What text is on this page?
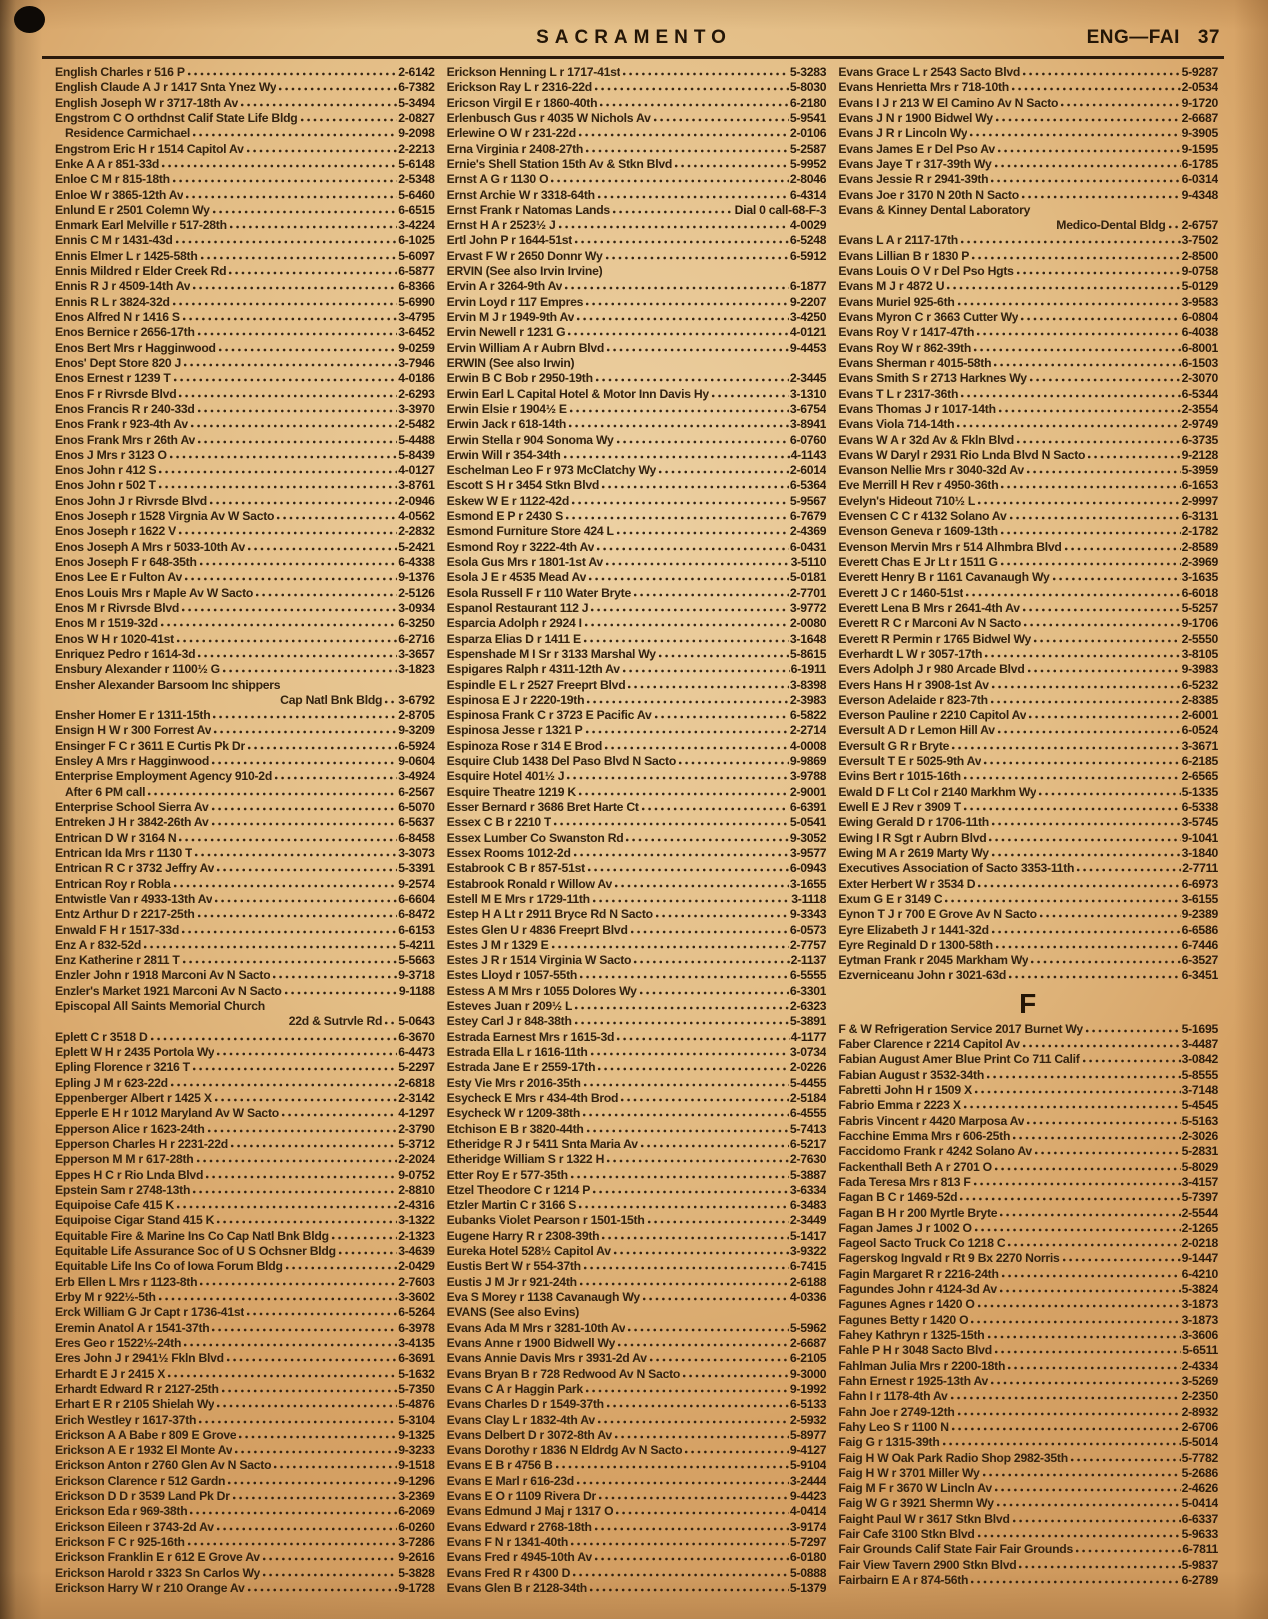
SACRAMENTO	ENG—FAI 37
English Charles r 516 P	2-6142
English Claude A J r 1417 Snta Ynez Wy	6-7382
English Joseph W r 3717-18th Av	5-3494
Engstrom C O orthdnst Calif State Life Bldg	2-0827
Residence Carmichael	9-2098
Engstrom Eric H r 1514 Capitol Av	2-2213
Enke A A r 851-33d	5-6148
Enloe C M r 815-18th	2-5348
Enloe W r 3865-12th Av	5-6460
Enlund E r 2501 Colemn Wy	6-6515
Enmark Earl Melville r 517-28th	3-4224
Ennis C M r 1431-43d	6-1025
Ennis Elmer L r 1425-58th	5-6097
Ennis Mildred r Elder Creek Rd	6-5877
Ennis R J r 4509-14th Av	6-8366
Ennis R L r 3824-32d	5-6990
Enos Alfred N r 1416 S	3-4795
Enos Bernice r 2656-17th	3-6452
Enos Bert Mrs r Hagginwood	9-0259
Enos' Dept Store 820 J	3-7946
Enos Ernest r 1239 T	4-0186
Enos F r Rivrsde Blvd	2-6293
Enos Francis R r 240-33d	3-3970
Enos Frank r 923-4th Av	2-5482
Enos Frank Mrs r 26th Av	5-4488
Enos J Mrs r 3123 O	5-8439
Enos John r 412 S	4-0127
Enos John r 502 T	3-8761
Enos John J r Rivrsde Blvd	2-0946
Enos Joseph r 1528 Virgnia Av W Sacto	4-0562
Enos Joseph r 1622 V	2-2832
Enos Joseph A Mrs r 5033-10th Av	5-2421
Enos Joseph F r 648-35th	6-4338
Enos Lee E r Fulton Av	9-1376
Enos Louis Mrs r Maple Av W Sacto	2-5126
Enos M r Rivrsde Blvd	3-0934
Enos M r 1519-32d	6-3250
Enos W H r 1020-41st	6-2716
Enriquez Pedro r 1614-3d	3-3657
Ensbury Alexander r 1100½ G	3-1823
Ensher Alexander Barsoom Inc shippers
Cap Natl Bnk Bldg 3-6792
Ensher Homer E r 1311-15th	2-8705
Ensign H W r 300 Forrest Av	9-3209
Ensinger F C r 3611 E Curtis Pk Dr	6-5924
Ensley A Mrs r Hagginwood	9-0604
Enterprise Employment Agency 910-2d	3-4924
After 6 PM call	6-2567
Enterprise School Sierra Av	6-5070
Entreken J H r 3842-26th Av	6-5637
Entrican D W r 3164 N	6-8458
Entrican Ida Mrs r 1130 T	3-3073
Entrican R C r 3732 Jeffry Av	5-3391
Entrican Roy r Robla	9-2574
Entwistle Van r 4933-13th Av	6-6604
Entz Arthur D r 2217-25th	6-8472
Enwald F H r 1517-33d	6-6153
Enz A r 832-52d	5-4211
Enz Katherine r 2811 T	5-5663
Enzler John r 1918 Marconi Av N Sacto	9-3718
Enzler's Market 1921 Marconi Av N Sacto	9-1188
Episcopal All Saints Memorial Church
22d & Sutrvle Rd 5-0643
Eplett C r 3518 D	6-3670
Eplett W H r 2435 Portola Wy	6-4473
Epling Florence r 3216 T	5-2297
Epling J M r 623-22d	2-6818
Eppenberger Albert r 1425 X	2-3142
Epperle E H r 1012 Maryland Av W Sacto	4-1297
Epperson Alice r 1623-24th	2-3790
Epperson Charles H r 2231-22d	5-3712
Epperson M M r 617-28th	2-2024
Eppes H C r Rio Lnda Blvd	9-0752
Epstein Sam r 2748-13th	2-8810
Equipoise Cafe 415 K	2-4316
Equipoise Cigar Stand 415 K	3-1322
Equitable Fire & Marine Ins Co Cap Natl Bnk Bldg	2-1323
Equitable Life Assurance Soc of U S Ochsner Bldg	3-4639
Equitable Life Ins Co of Iowa Forum Bldg	2-0429
Erb Ellen L Mrs r 1123-8th	2-7603
Erby M r 922½-5th	3-3602
Erck William G Jr Capt r 1736-41st	6-5264
Eremin Anatol A r 1541-37th	6-3978
Eres Geo r 1522½-24th	3-4135
Eres John J r 2941½ Fkln Blvd	6-3691
Erhardt E J r 2415 X	5-1632
Erhardt Edward R r 2127-25th	5-7350
Erhart E R r 2105 Shielah Wy	5-4876
Erich Westley r 1617-37th	5-3104
Erickson A A Babe r 809 E Grove	9-1325
Erickson A E r 1932 El Monte Av	9-3233
Erickson Anton r 2760 Glen Av N Sacto	9-1518
Erickson Clarence r 512 Gardn	9-1296
Erickson D D r 3539 Land Pk Dr	3-2369
Erickson Eda r 969-38th	6-2069
Erickson Eileen r 3743-2d Av	6-0260
Erickson F C r 925-16th	3-7286
Erickson Franklin E r 612 E Grove Av	9-2616
Erickson Harold r 3323 Sn Carlos Wy	5-3828
Erickson Harry W r 210 Orange Av	9-1728
Erickson Henning L r 1717-41st	5-3283
Erickson Ray L r 2316-22d	5-8030
Ericson Virgil E r 1860-40th	6-2180
Erlenbusch Gus r 4035 W Nichols Av	5-9541
Erlewine O W r 231-22d	2-0106
Erna Virginia r 2408-27th	5-2587
Ernie's Shell Station 15th Av & Stkn Blvd	5-9952
Ernst A G r 1130 O	2-8046
Ernst Archie W r 3318-64th	6-4314
Ernst Frank r Natomas Lands	Dial 0 call-68-F-3
Ernst H A r 2523½ J	4-0029
Ertl John P r 1644-51st	6-5248
Ervast F W r 2650 Donnr Wy	6-5912
ERVIN (See also Irvin Irvine)
Ervin A r 3264-9th Av	6-1877
Ervin Loyd r 117 Empres	9-2207
Ervin M J r 1949-9th Av	3-4250
Ervin Newell r 1231 G	4-0121
Ervin William A r Aubrn Blvd	9-4453
ERWIN (See also Irwin)
Erwin B C Bob r 2950-19th	2-3445
Erwin Earl L Capital Hotel & Motor Inn Davis Hy	3-1310
Erwin Elsie r 1904½ E	3-6754
Erwin Jack r 618-14th	3-8941
Erwin Stella r 904 Sonoma Wy	6-0760
Erwin Will r 354-34th	4-1143
Eschelman Leo F r 973 McClatchy Wy	2-6014
Escott S H r 3454 Stkn Blvd	6-5364
Eskew W E r 1122-42d	5-9567
Esmond E P r 2430 S	6-7679
Esmond Furniture Store 424 L	2-4369
Esmond Roy r 3222-4th Av	6-0431
Esola Gus Mrs r 1801-1st Av	3-5110
Esola J E r 4535 Mead Av	5-0181
Esola Russell F r 110 Water Bryte	2-7701
Espanol Restaurant 112 J	3-9772
Esparcia Adolph r 2924 I	2-0080
Esparza Elias D r 1411 E	3-1648
Espenshade M I Sr r 3133 Marshal Wy	5-8615
Espigares Ralph r 4311-12th Av	6-1911
Espindle E L r 2527 Freeprt Blvd	3-8398
Espinosa E J r 2220-19th	2-3983
Espinosa Frank C r 3723 E Pacific Av	6-5822
Espinosa Jesse r 1321 P	2-2714
Espinoza Rose r 314 E Brod	4-0008
Esquire Club 1438 Del Paso Blvd N Sacto	9-9869
Esquire Hotel 401½ J	3-9788
Esquire Theatre 1219 K	2-9001
Esser Bernard r 3686 Bret Harte Ct	6-6391
Essex C B r 2210 T	5-0541
Essex Lumber Co Swanston Rd	9-3052
Essex Rooms 1012-2d	3-9577
Estabrook C B r 857-51st	6-0943
Estabrook Ronald r Willow Av	3-1655
Estell M E Mrs r 1729-11th	3-1118
Estep H A Lt r 2911 Bryce Rd N Sacto	9-3343
Estes Glen U r 4836 Freeprt Blvd	6-0573
Estes J M r 1329 E	2-7757
Estes J R r 1514 Virginia W Sacto	2-1137
Estes Lloyd r 1057-55th	6-5555
Estess A M Mrs r 1055 Dolores Wy	6-3301
Esteves Juan r 209½ L	2-6323
Estey Carl J r 848-38th	5-3891
Estrada Earnest Mrs r 1615-3d	4-1177
Estrada Ella L r 1616-11th	3-0734
Estrada Jane E r 2559-17th	2-0226
Esty Vie Mrs r 2016-35th	5-4455
Esycheck E Mrs r 434-4th Brod	2-5184
Esycheck W r 1209-38th	6-4555
Etchison E B r 3820-44th	5-7413
Etheridge R J r 5411 Snta Maria Av	6-5217
Etheridge William S r 1322 H	2-7630
Etter Roy E r 577-35th	5-3887
Etzel Theodore C r 1214 P	3-6334
Etzler Martin C r 3166 S	6-3483
Eubanks Violet Pearson r 1501-15th	2-3449
Eugene Harry R r 2308-39th	5-1417
Eureka Hotel 528½ Capitol Av	3-9322
Eustis Bert W r 554-37th	6-7415
Eustis J M Jr r 921-24th	2-6188
Eva S Morey r 1138 Cavanaugh Wy	4-0336
EVANS (See also Evins)
Evans Ada M Mrs r 3281-10th Av	5-5962
Evans Anne r 1900 Bidwell Wy	2-6687
Evans Annie Davis Mrs r 3931-2d Av	6-2105
Evans Bryan B r 728 Redwood Av N Sacto	9-3000
Evans C A r Haggin Park	9-1992
Evans Charles D r 1549-37th	6-5133
Evans Clay L r 1832-4th Av	2-5932
Evans Delbert D r 3072-8th Av	5-8977
Evans Dorothy r 1836 N Eldrdg Av N Sacto	9-4127
Evans E B r 4756 B	5-9104
Evans E Marl r 616-23d	3-2444
Evans E O r 1109 Rivera Dr	9-4423
Evans Edmund J Maj r 1317 O	4-0414
Evans Edward r 2768-18th	3-9174
Evans F N r 1341-40th	5-7297
Evans Fred r 4945-10th Av	6-0180
Evans Fred R r 4300 D	5-0888
Evans Glen B r 2128-34th	5-1379
Evans Grace L r 2543 Sacto Blvd	5-9287
Evans Henrietta Mrs r 718-10th	2-0534
Evans I J r 213 W El Camino Av N Sacto	9-1720
Evans J N r 1900 Bidwel Wy	2-6687
Evans J R r Lincoln Wy	9-3905
Evans James E r Del Pso Av	9-1595
Evans Jaye T r 317-39th Wy	6-1785
Evans Jessie R r 2941-39th	6-0314
Evans Joe r 3170 N 20th N Sacto	9-4348
Evans & Kinney Dental Laboratory
Medico-Dental Bldg 2-6757
Evans L A r 2117-17th	3-7502
Evans Lillian B r 1830 P	2-8500
Evans Louis O V r Del Pso Hgts	9-0758
Evans M J r 4872 U	5-0129
Evans Muriel 925-6th	3-9583
Evans Myron C r 3663 Cutter Wy	6-0804
Evans Roy V r 1417-47th	6-4038
Evans Roy W r 862-39th	6-8001
Evans Sherman r 4015-58th	6-1503
Evans Smith S r 2713 Harknes Wy	2-3070
Evans T L r 2317-36th	6-5344
Evans Thomas J r 1017-14th	2-3554
Evans Viola 714-14th	2-9749
Evans W A r 32d Av & Fkln Blvd	6-3735
Evans W Daryl r 2931 Rio Lnda Blvd N Sacto	9-2128
Evanson Nellie Mrs r 3040-32d Av	5-3959
Eve Merrill H Rev r 4950-36th	6-1653
Evelyn's Hideout 710½ L	2-9997
Evensen C C r 4132 Solano Av	6-3131
Evenson Geneva r 1609-13th	2-1782
Evenson Mervin Mrs r 514 Alhmbra Blvd	2-8589
Everett Chas E Jr Lt r 1511 G	2-3969
Everett Henry B r 1161 Cavanaugh Wy	3-1635
Everett J C r 1460-51st	6-6018
Everett Lena B Mrs r 2641-4th Av	5-5257
Everett R C r Marconi Av N Sacto	9-1706
Everett R Permin r 1765 Bidwel Wy	2-5550
Everhardt L W r 3057-17th	3-8105
Evers Adolph J r 980 Arcade Blvd	9-3983
Evers Hans H r 3908-1st Av	6-5232
Everson Adelaide r 823-7th	2-8385
Everson Pauline r 2210 Capitol Av	2-6001
Eversult A D r Lemon Hill Av	6-0524
Eversult G R r Bryte	3-3671
Eversult T E r 5025-9th Av	6-2185
Evins Bert r 1015-16th	2-6565
Ewald D F Lt Col r 2140 Markhm Wy	5-1335
Ewell E J Rev r 3909 T	6-5338
Ewing Gerald D r 1706-11th	3-5745
Ewing I R Sgt r Aubrn Blvd	9-1041
Ewing M A r 2619 Marty Wy	3-1840
Executives Association of Sacto 3353-11th	2-7711
Exter Herbert W r 3534 D	6-6973
Exum G E r 3149 C	3-6155
Eynon T J r 700 E Grove Av N Sacto	9-2389
Eyre Elizabeth J r 1441-32d	6-6586
Eyre Reginald D r 1300-58th	6-7446
Eytman Frank r 2045 Markham Wy	6-3527
Ezverniceanu John r 3021-63d	6-3451
F
F & W Refrigeration Service 2017 Burnet Wy	5-1695
Faber Clarence r 2214 Capitol Av	3-4487
Fabian August Amer Blue Print Co 711 Calif	3-0842
Fabian August r 3532-34th	5-8555
Fabretti John H r 1509 X	3-7148
Fabrio Emma r 2223 X	5-4545
Fabris Vincent r 4420 Marposa Av	5-5163
Facchine Emma Mrs r 606-25th	2-3026
Faccidomo Frank r 4242 Solano Av	5-2831
Fackenthall Beth A r 2701 O	5-8029
Fada Teresa Mrs r 813 F	3-4157
Fagan B C r 1469-52d	5-7397
Fagan B H r 200 Myrtle Bryte	2-5544
Fagan James J r 1002 O	2-1265
Fageol Sacto Truck Co 1218 C	2-0218
Fagerskog Ingvald r Rt 9 Bx 2270 Norris	9-1447
Fagin Margaret R r 2216-24th	6-4210
Fagundes John r 4124-3d Av	5-3824
Fagunes Agnes r 1420 O	3-1873
Fagunes Betty r 1420 O	3-1873
Fahey Kathryn r 1325-15th	3-3606
Fahle P H r 3048 Sacto Blvd	5-6511
Fahlman Julia Mrs r 2200-18th	2-4334
Fahn Ernest r 1925-13th Av	3-5269
Fahn I r 1178-4th Av	2-2350
Fahn Joe r 2749-12th	2-8932
Fahy Leo S r 1100 N	2-6706
Faig G r 1315-39th	5-5014
Faig H W Oak Park Radio Shop 2982-35th	5-7782
Faig H W r 3701 Miller Wy	5-2686
Faig M F r 3670 W Lincln Av	2-4626
Faig W G r 3921 Shermn Wy	5-0414
Faight Paul W r 3617 Stkn Blvd	6-6337
Fair Cafe 3100 Stkn Blvd	5-9633
Fair Grounds Calif State Fair Fair Grounds	6-7811
Fair View Tavern 2900 Stkn Blvd	5-9837
Fairbairn E A r 874-56th	6-2789
